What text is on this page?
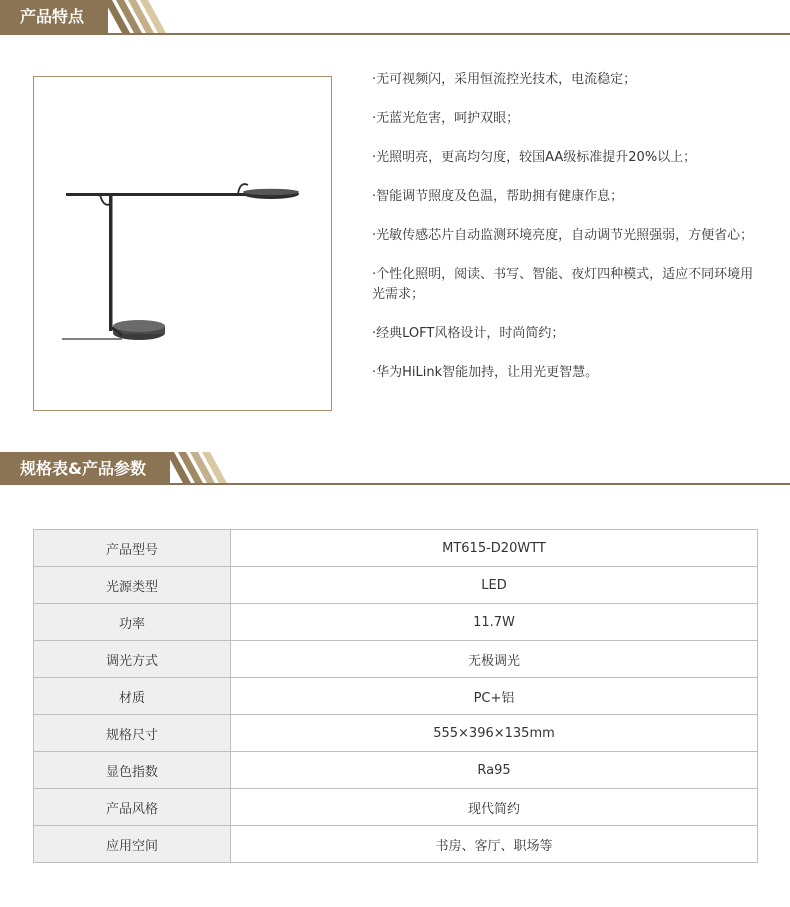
产品特点
·无可视频闪，采用恒流控光技术，电流稳定；
·无蓝光危害，呵护双眼；
·光照明亮，更高均匀度，较国AA级标准提升20%以上；
·智能调节照度及色温，帮助拥有健康作息；
·光敏传感芯片自动监测环境亮度，自动调节光照强弱，方便省心；
·个性化照明，阅读、书写、智能、夜灯四种模式，适应不同环境用光需求；
·经典LOFT风格设计，时尚简约；
·华为HiLink智能加持，让用光更智慧。
规格表&产品参数
产品型号	MT615-D20WTT
光源类型	LED
功率	11.7W
调光方式	无极调光
材质	PC+铝
规格尺寸	555×396×135mm
显色指数	Ra95
产品风格	现代简约
应用空间	书房、客厅、职场等
